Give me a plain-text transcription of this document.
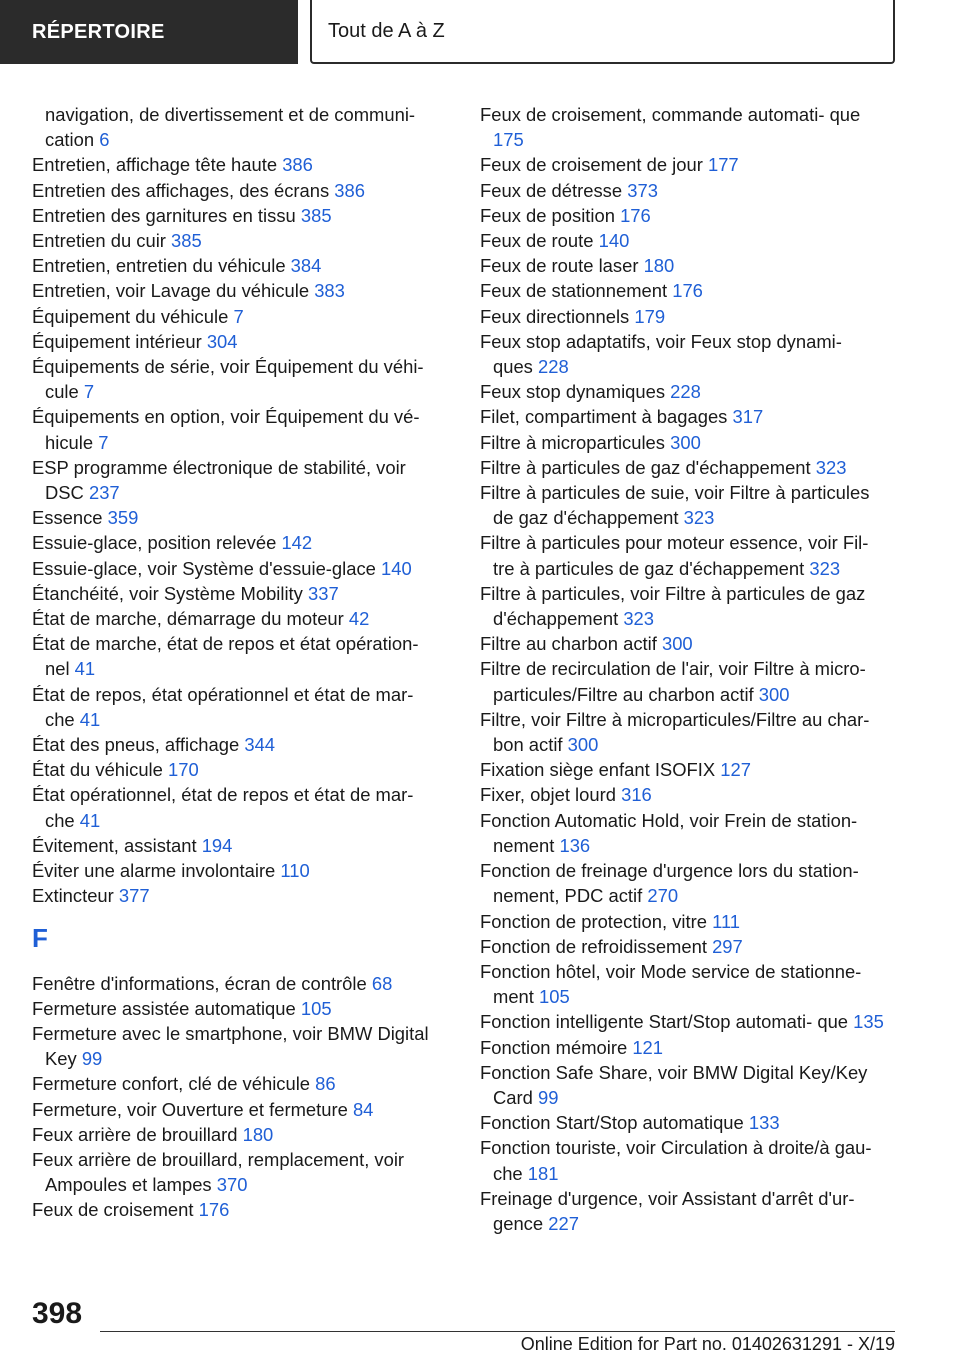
RÉPERTOIRE	Tout de A à Z
navigation, de divertissement et de communi-
cation 6
Entretien, affichage tête haute 386
Entretien des affichages, des écrans 386
Entretien des garnitures en tissu 385
Entretien du cuir 385
Entretien, entretien du véhicule 384
Entretien, voir Lavage du véhicule 383
Équipement du véhicule 7
Équipement intérieur 304
Équipements de série, voir Équipement du véhi- cule 7
Équipements en option, voir Équipement du vé- hicule 7
ESP programme électronique de stabilité, voir DSC 237
Essence 359
Essuie-glace, position relevée 142
Essuie-glace, voir Système d'essuie-glace 140
Étanchéité, voir Système Mobility 337
État de marche, démarrage du moteur 42
État de marche, état de repos et état opération- nel 41
État de repos, état opérationnel et état de mar- che 41
État des pneus, affichage 344
État du véhicule 170
État opérationnel, état de repos et état de mar- che 41
Évitement, assistant 194
Éviter une alarme involontaire 110
Extincteur 377
F
Fenêtre d'informations, écran de contrôle 68
Fermeture assistée automatique 105
Fermeture avec le smartphone, voir BMW Digital Key 99
Fermeture confort, clé de véhicule 86
Fermeture, voir Ouverture et fermeture 84
Feux arrière de brouillard 180
Feux arrière de brouillard, remplacement, voir Ampoules et lampes 370
Feux de croisement 176
Feux de croisement, commande automati- que 175
Feux de croisement de jour 177
Feux de détresse 373
Feux de position 176
Feux de route 140
Feux de route laser 180
Feux de stationnement 176
Feux directionnels 179
Feux stop adaptatifs, voir Feux stop dynami- ques 228
Feux stop dynamiques 228
Filet, compartiment à bagages 317
Filtre à microparticules 300
Filtre à particules de gaz d'échappement 323
Filtre à particules de suie, voir Filtre à particules de gaz d'échappement 323
Filtre à particules pour moteur essence, voir Fil- tre à particules de gaz d'échappement 323
Filtre à particules, voir Filtre à particules de gaz d'échappement 323
Filtre au charbon actif 300
Filtre de recirculation de l'air, voir Filtre à micro- particules/Filtre au charbon actif 300
Filtre, voir Filtre à microparticules/Filtre au char- bon actif 300
Fixation siège enfant ISOFIX 127
Fixer, objet lourd 316
Fonction Automatic Hold, voir Frein de station- nement 136
Fonction de freinage d'urgence lors du station- nement, PDC actif 270
Fonction de protection, vitre 111
Fonction de refroidissement 297
Fonction hôtel, voir Mode service de stationne- ment 105
Fonction intelligente Start/Stop automati- que 135
Fonction mémoire 121
Fonction Safe Share, voir BMW Digital Key/Key Card 99
Fonction Start/Stop automatique 133
Fonction touriste, voir Circulation à droite/à gau- che 181
Freinage d'urgence, voir Assistant d'arrêt d'ur- gence 227
398
Online Edition for Part no. 01402631291 - X/19
